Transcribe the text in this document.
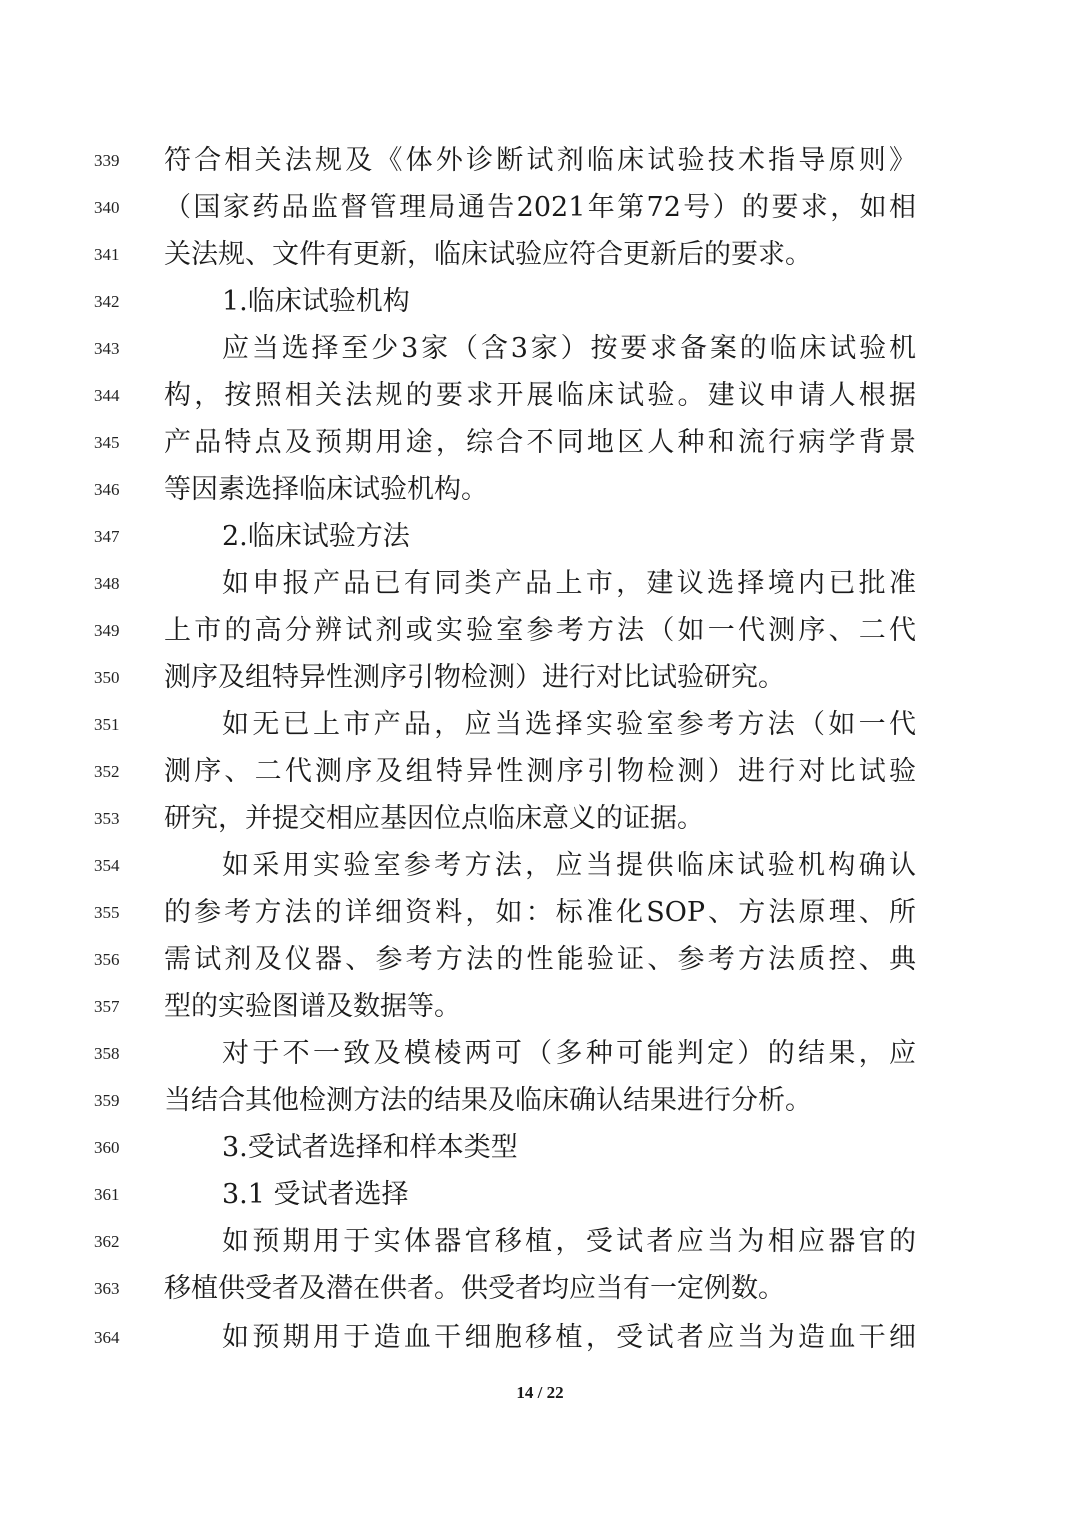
339	符合相关法规及《体外诊断试剂临床试验技术指导原则》
340	（国家药品监督管理局通告2021年第72号）的要求，如相
341	关法规、文件有更新，临床试验应符合更新后的要求。
342	1.临床试验机构
343	应当选择至少3家（含3家）按要求备案的临床试验机
344	构，按照相关法规的要求开展临床试验。建议申请人根据
345	产品特点及预期用途，综合不同地区人种和流行病学背景
346	等因素选择临床试验机构。
347	2.临床试验方法
348	如申报产品已有同类产品上市，建议选择境内已批准
349	上市的高分辨试剂或实验室参考方法（如一代测序、二代
350	测序及组特异性测序引物检测）进行对比试验研究。
351	如无已上市产品，应当选择实验室参考方法（如一代
352	测序、二代测序及组特异性测序引物检测）进行对比试验
353	研究，并提交相应基因位点临床意义的证据。
354	如采用实验室参考方法，应当提供临床试验机构确认
355	的参考方法的详细资料，如：标准化SOP、方法原理、所
356	需试剂及仪器、参考方法的性能验证、参考方法质控、典
357	型的实验图谱及数据等。
358	对于不一致及模棱两可（多种可能判定）的结果，应
359	当结合其他检测方法的结果及临床确认结果进行分析。
360	3.受试者选择和样本类型
361	3.1 受试者选择
362	如预期用于实体器官移植，受试者应当为相应器官的
363	移植供受者及潜在供者。供受者均应当有一定例数。
364	如预期用于造血干细胞移植，受试者应当为造血干细
14 / 22
